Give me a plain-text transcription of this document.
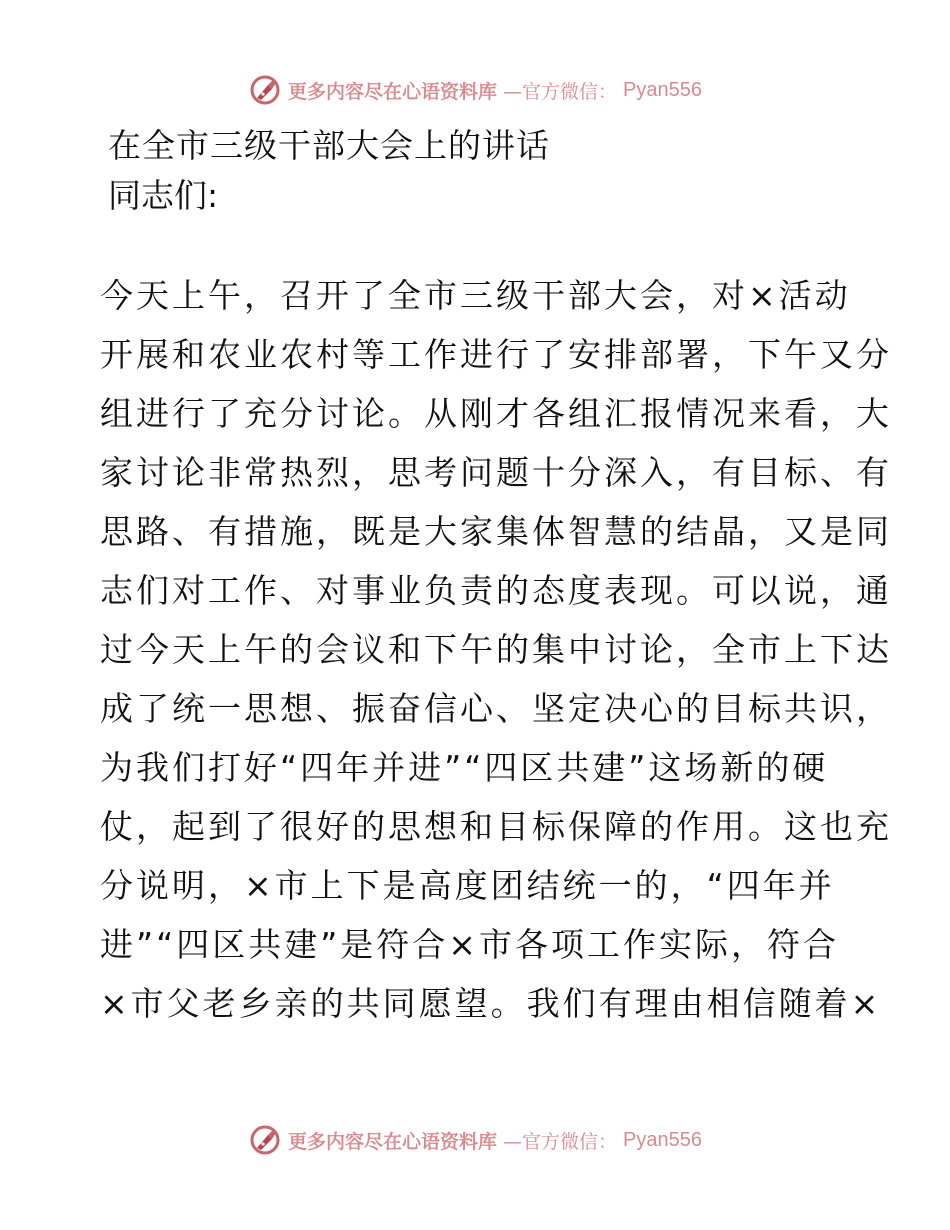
更多内容尽在心语资料库 —官方微信： Pyan556
在全市三级干部大会上的讲话
同志们:
今天上午，召开了全市三级干部大会，对×活动
开展和农业农村等工作进行了安排部署，下午又分
组进行了充分讨论。从刚才各组汇报情况来看，大
家讨论非常热烈，思考问题十分深入，有目标、有
思路、有措施，既是大家集体智慧的结晶，又是同
志们对工作、对事业负责的态度表现。可以说，通
过今天上午的会议和下午的集中讨论，全市上下达
成了统一思想、振奋信心、坚定决心的目标共识，
为我们打好“四年并进”“四区共建”这场新的硬
仗，起到了很好的思想和目标保障的作用。这也充
分说明，×市上下是高度团结统一的，“四年并
进”“四区共建”是符合×市各项工作实际，符合
×市父老乡亲的共同愿望。我们有理由相信随着×
更多内容尽在心语资料库 —官方微信： Pyan556
